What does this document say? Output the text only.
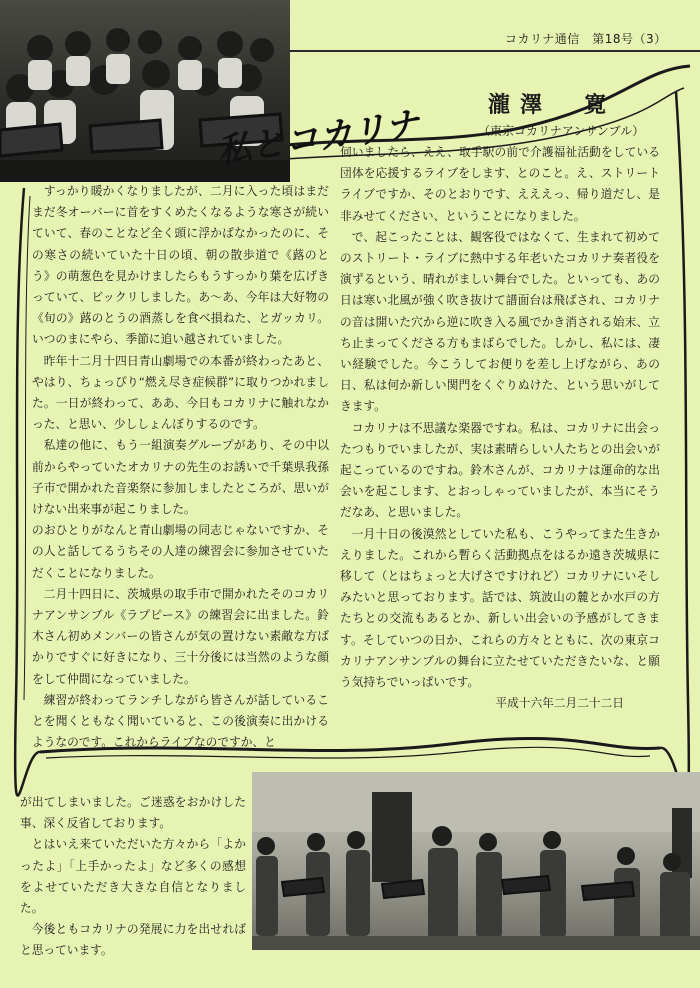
コカリナ通信　第18号（3）
私とコカリナ	瀧澤　寛
（東京コカリナアンサンブル）

すっかり暖かくなりましたが、二月に入った頃はまだまだ冬オーバーに首をすくめたくなるような寒さが続いていて、春のことなど全く頭に浮かばなかったのに、その寒さの続いていた十日の頃、朝の散歩道で《蕗のとう》の萌葱色を見かけましたらもうすっかり葉を広げきっていて、ビックリしました。あ～あ、今年は大好物の《旬の》蕗のとうの酒蒸しを食べ損ねた、とガッカリ。いつのまにやら、季節に追い越されていました。

昨年十二月十四日青山劇場での本番が終わったあと、やはり、ちょっぴり“燃え尽き症候群”に取りつかれました。一日が終わって、ああ、今日もコカリナに触れなかった、と思い、少ししょんぼりするのです。

私達の他に、もう一組演奏グループがあり、その中以前からやっていたオカリナの先生のお誘いで千葉県我孫子市で開かれた音楽祭に参加しましたところが、思いがけない出来事が起こりました。

のおひとりがなんと青山劇場の同志じゃないですか、その人と話してるうちその人達の練習会に参加させていただくことになりました。

二月十四日に、茨城県の取手市で開かれたそのコカリナアンサンブル《ラプピース》の練習会に出ました。鈴木さん初めメンバーの皆さんが気の置けない素敵な方ばかりですぐに好きになり、三十分後には当然のような顔をして仲間になっていました。

練習が終わってランチしながら皆さんが話していることを聞くともなく聞いていると、この後演奏に出かけるようなのです。これからライブなのですか、と

伺いましたら、ええ、取手駅の前で介護福祉活動をしている団体を応援するライブをします、とのこと。え、ストリートライブですか、そのとおりです、えええっ、帰り道だし、是非みせてください、ということになりました。

で、起こったことは、観客役ではなくて、生まれて初めてのストリート・ライブに熱中する年老いたコカリナ奏者役を演ずるという、晴れがましい舞台でした。といっても、あの日は寒い北風が強く吹き抜けて譜面台は飛ばされ、コカリナの音は開いた穴から逆に吹き入る風でかき消される始末、立ち止まってくださる方もまばらでした。しかし、私には、凄い経験でした。今こうしてお便りを差し上げながら、あの日、私は何か新しい関門をくぐりぬけた、という思いがしてきます。

コカリナは不思議な楽器ですね。私は、コカリナに出会ったつもりでいましたが、実は素晴らしい人たちとの出会いが起こっているのですね。鈴木さんが、コカリナは運命的な出会いを起こします、とおっしゃっていましたが、本当にそうだなあ、と思いました。

一月十日の後漠然としていた私も、こうやってまた生きかえりました。これから暫らく活動拠点をはるか遠き茨城県に移して（とはちょっと大げさですけれど）コカリナにいそしみたいと思っております。話では、筑波山の麓とか水戸の方たちとの交流もあるとか、新しい出会いの予感がしてきます。そしていつの日か、これらの方々とともに、次の東京コカリナアンサンブルの舞台に立たせていただきたいな、と願う気持ちでいっぱいです。

平成十六年二月二十二日

が出てしまいました。ご迷惑をおかけした事、深く反省しております。

とはいえ来ていただいた方々から「よかったよ」「上手かったよ」など多くの感想をよせていただき大きな自信となりました。

今後ともコカリナの発展に力を出せればと思っています。
